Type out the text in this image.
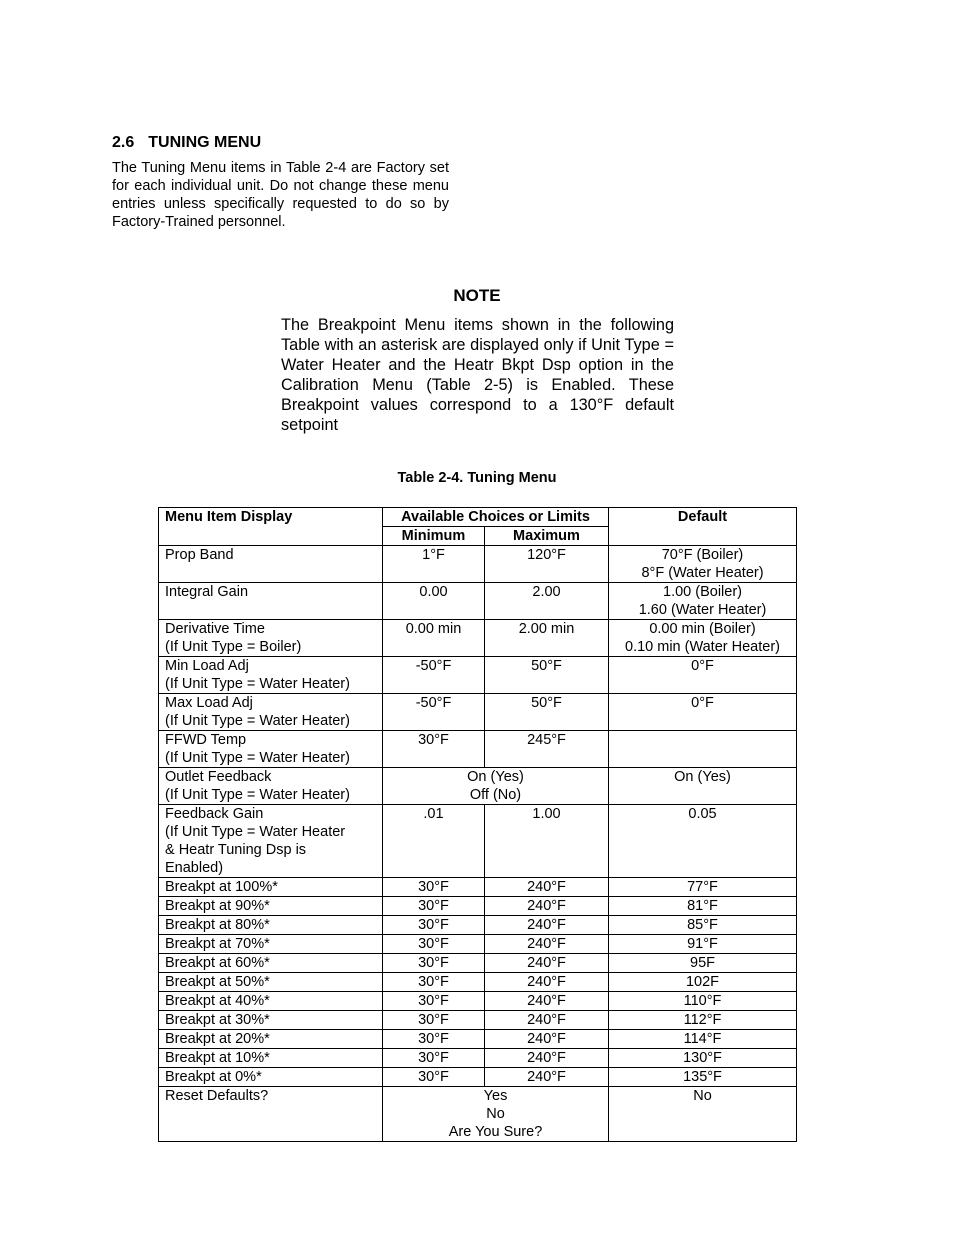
2.6 TUNING MENU

The Tuning Menu items in Table 2-4 are Factory set for each individual unit. Do not change these menu entries unless specifically requested to do so by Factory-Trained personnel.

NOTE

The Breakpoint Menu items shown in the following Table with an asterisk are displayed only if Unit Type = Water Heater and the Heatr Bkpt Dsp option in the Calibration Menu (Table 2-5) is Enabled. These Breakpoint values correspond to a 130°F default setpoint

Table 2-4. Tuning Menu

Menu Item Display	Available Choices or Limits		Default
	Minimum	Maximum	

Prop Band	1°F	120°F	70°F (Boiler)
8°F (Water Heater)

Integral Gain	0.00	2.00	1.00 (Boiler)
1.60 (Water Heater)

Derivative Time
(If Unit Type = Boiler)	0.00 min	2.00 min	0.00 min (Boiler)
0.10 min (Water Heater)

Min Load Adj
(If Unit Type = Water Heater)	-50°F	50°F	0°F

Max Load Adj
(If Unit Type = Water Heater)	-50°F	50°F	0°F

FFWD Temp
(If Unit Type = Water Heater)	30°F	245°F	

Outlet Feedback
(If Unit Type = Water Heater)	On (Yes)
Off (No)		On (Yes)

Feedback Gain
(If Unit Type = Water Heater
& Heatr Tuning Dsp is
Enabled)	.01	1.00	0.05

Breakpt at 100%*	30°F	240°F	77°F

Breakpt at 90%*	30°F	240°F	81°F

Breakpt at 80%*	30°F	240°F	85°F

Breakpt at 70%*	30°F	240°F	91°F

Breakpt at 60%*	30°F	240°F	95F

Breakpt at 50%*	30°F	240°F	102F

Breakpt at 40%*	30°F	240°F	110°F

Breakpt at 30%*	30°F	240°F	112°F

Breakpt at 20%*	30°F	240°F	114°F

Breakpt at 10%*	30°F	240°F	130°F

Breakpt at 0%*	30°F	240°F	135°F

Reset Defaults?	Yes
No
Are You Sure?		No
